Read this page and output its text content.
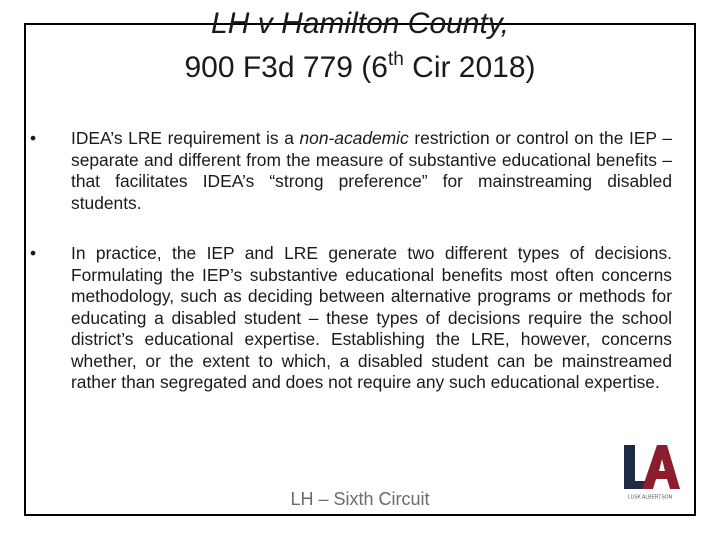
LH v Hamilton County,
900 F3d 779 (6th Cir 2018)
•	IDEA’s LRE requirement is a non-academic restriction or control on the IEP – separate and different from the measure of substantive educational benefits – that facilitates IDEA’s “strong preference” for mainstreaming disabled students.
•	In practice, the IEP and LRE generate two different types of decisions. Formulating the IEP’s substantive educational benefits most often concerns methodology, such as deciding between alternative programs or methods for educating a disabled student – these types of decisions require the school district’s educational expertise. Establishing the LRE, however, concerns whether, or the extent to which, a disabled student can be mainstreamed rather than segregated and does not require any such educational expertise.
LH – Sixth Circuit	LUSK ALBERTSON
